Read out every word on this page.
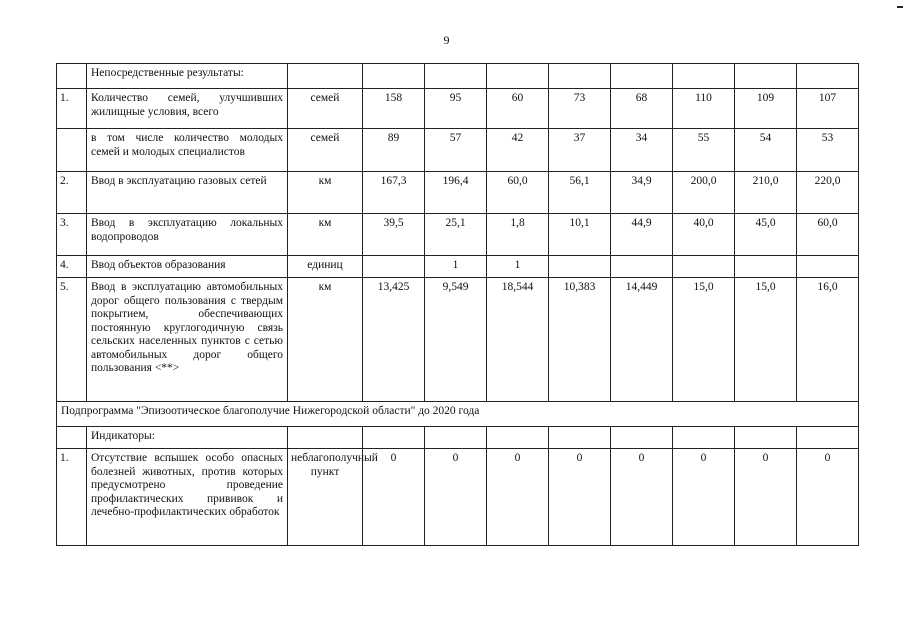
9
	Непосредственные результаты:									
1.	Количество семей, улучшивших жилищные условия, всего	семей	158	95	60	73	68	110	109	107
	в том числе количество молодых семей и молодых специалистов	семей	89	57	42	37	34	55	54	53
2.	Ввод в эксплуатацию газовых сетей	км	167,3	196,4	60,0	56,1	34,9	200,0	210,0	220,0
3.	Ввод в эксплуатацию локальных водопроводов	км	39,5	25,1	1,8	10,1	44,9	40,0	45,0	60,0
4.	Ввод объектов образования	единиц		1	1					
5.	Ввод в эксплуатацию автомобильных дорог общего пользования с твердым покрытием, обеспечивающих постоянную круглогодичную связь сельских населенных пунктов с сетью автомобильных дорог общего пользования <**>	км	13,425	9,549	18,544	10,383	14,449	15,0	15,0	16,0
Подпрограмма "Эпизоотическое благополучие Нижегородской области" до 2020 года										
	Индикаторы:									
1.	Отсутствие вспышек особо опасных болезней животных, против которых предусмотрено проведение профилактических прививок и лечебно-профилактических обработок	неблагополучный пункт	0	0	0	0	0	0	0	0
